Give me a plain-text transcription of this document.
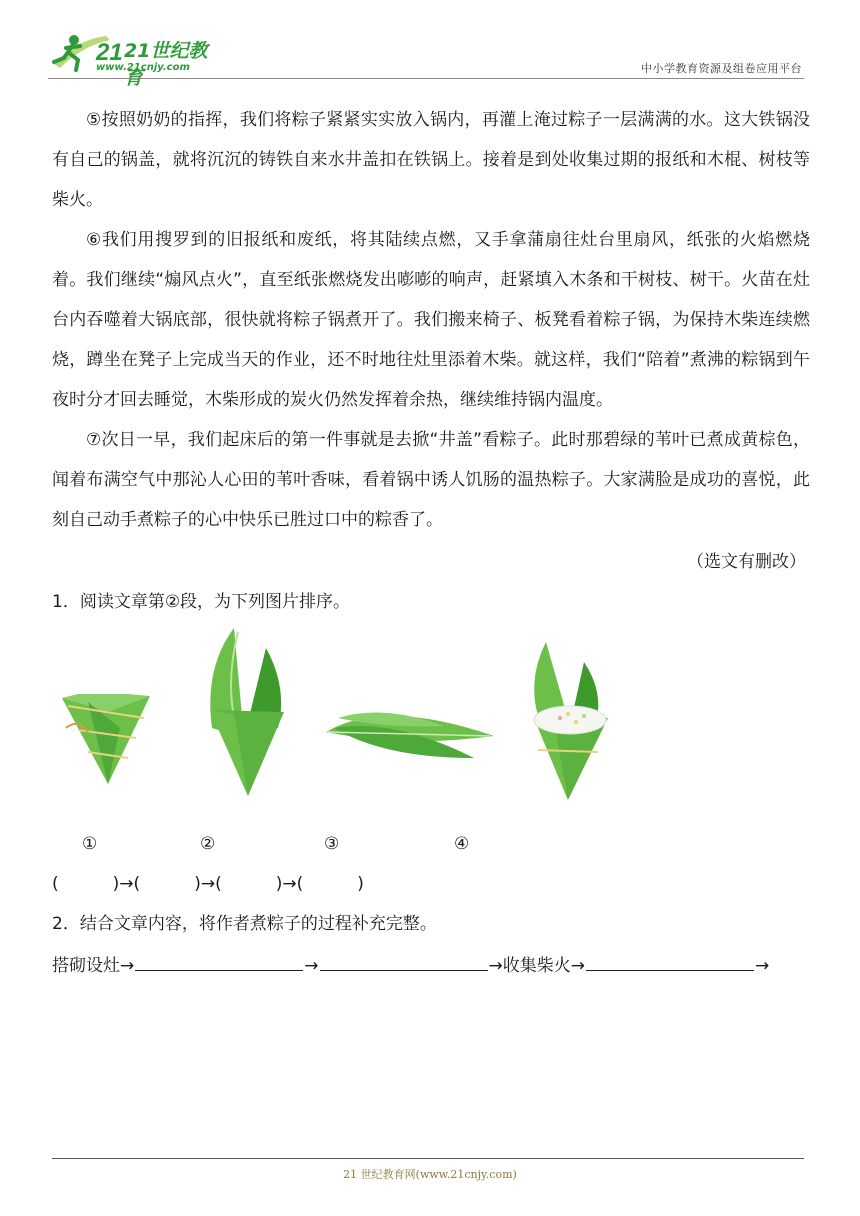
21 21世纪教育
www.21cnjy.com	中小学教育资源及组卷应用平台

⑤按照奶奶的指挥，我们将粽子紧紧实实放入锅内，再灌上淹过粽子一层满满的水。这大铁锅没有自己的锅盖，就将沉沉的铸铁自来水井盖扣在铁锅上。接着是到处收集过期的报纸和木棍、树枝等柴火。

⑥我们用搜罗到的旧报纸和废纸，将其陆续点燃，又手拿蒲扇往灶台里扇风，纸张的火焰燃烧着。我们继续“煽风点火”，直至纸张燃烧发出嘭嘭的响声，赶紧填入木条和干树枝、树干。火苗在灶台内吞噬着大锅底部，很快就将粽子锅煮开了。我们搬来椅子、板凳看着粽子锅，为保持木柴连续燃烧，蹲坐在凳子上完成当天的作业，还不时地往灶里添着木柴。就这样，我们“陪着”煮沸的粽锅到午夜时分才回去睡觉，木柴形成的炭火仍然发挥着余热，继续维持锅内温度。

⑦次日一早，我们起床后的第一件事就是去掀“井盖”看粽子。此时那碧绿的苇叶已煮成黄棕色，闻着布满空气中那沁人心田的苇叶香味，看着锅中诱人饥肠的温热粽子。大家满脸是成功的喜悦，此刻自己动手煮粽子的心中快乐已胜过口中的粽香了。

（选文有删改）

1．阅读文章第②段，为下列图片排序。

①	②	③	④

(          )→(          )→(          )→(          )

2．结合文章内容，将作者煮粽子的过程补充完整。

搭砌设灶→	→	→收集柴火→	→
21 世纪教育网(www.21cnjy.com)
